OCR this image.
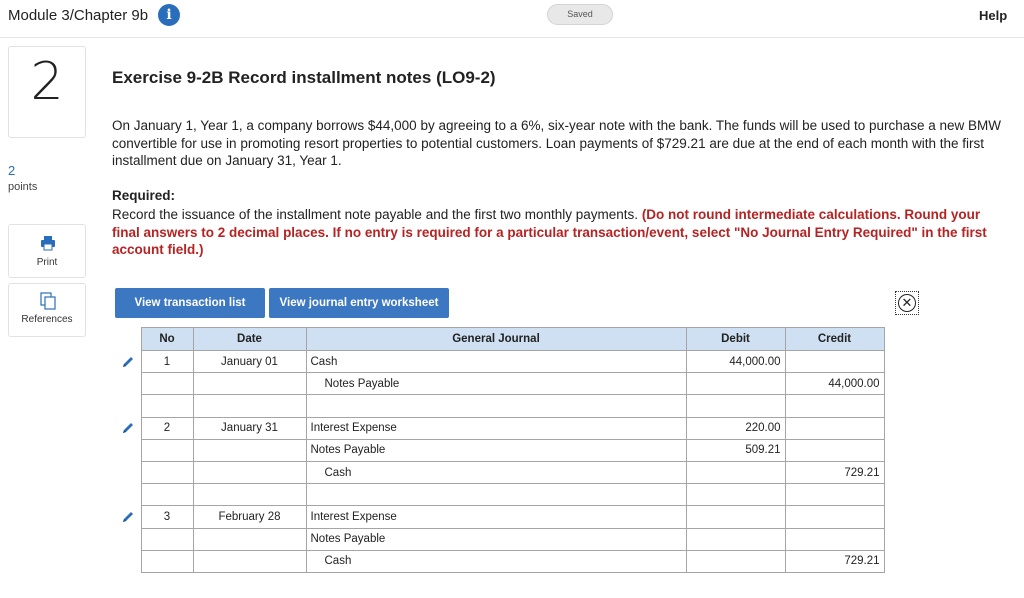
Module 3/Chapter 9b	i	Saved	Help
2
2
points
Print
References
Exercise 9-2B Record installment notes (LO9-2)
On January 1, Year 1, a company borrows $44,000 by agreeing to a 6%, six-year note with the bank. The funds will be used to purchase a new BMW convertible for use in promoting resort properties to potential customers. Loan payments of $729.21 are due at the end of each month with the first installment due on January 31, Year 1.
Required:
Record the issuance of the installment note payable and the first two monthly payments. (Do not round intermediate calculations. Round your final answers to 2 decimal places. If no entry is required for a particular transaction/event, select "No Journal Entry Required" in the first account field.)
View transaction list	View journal entry worksheet	✕
	No	Date	General Journal	Debit	Credit
	1	January 01	Cash	44,000.00	
			Notes Payable		44,000.00

	2	January 31	Interest Expense	220.00	
			Notes Payable	509.21	
			Cash		729.21

	3	February 28	Interest Expense		
			Notes Payable		
			Cash		729.21
